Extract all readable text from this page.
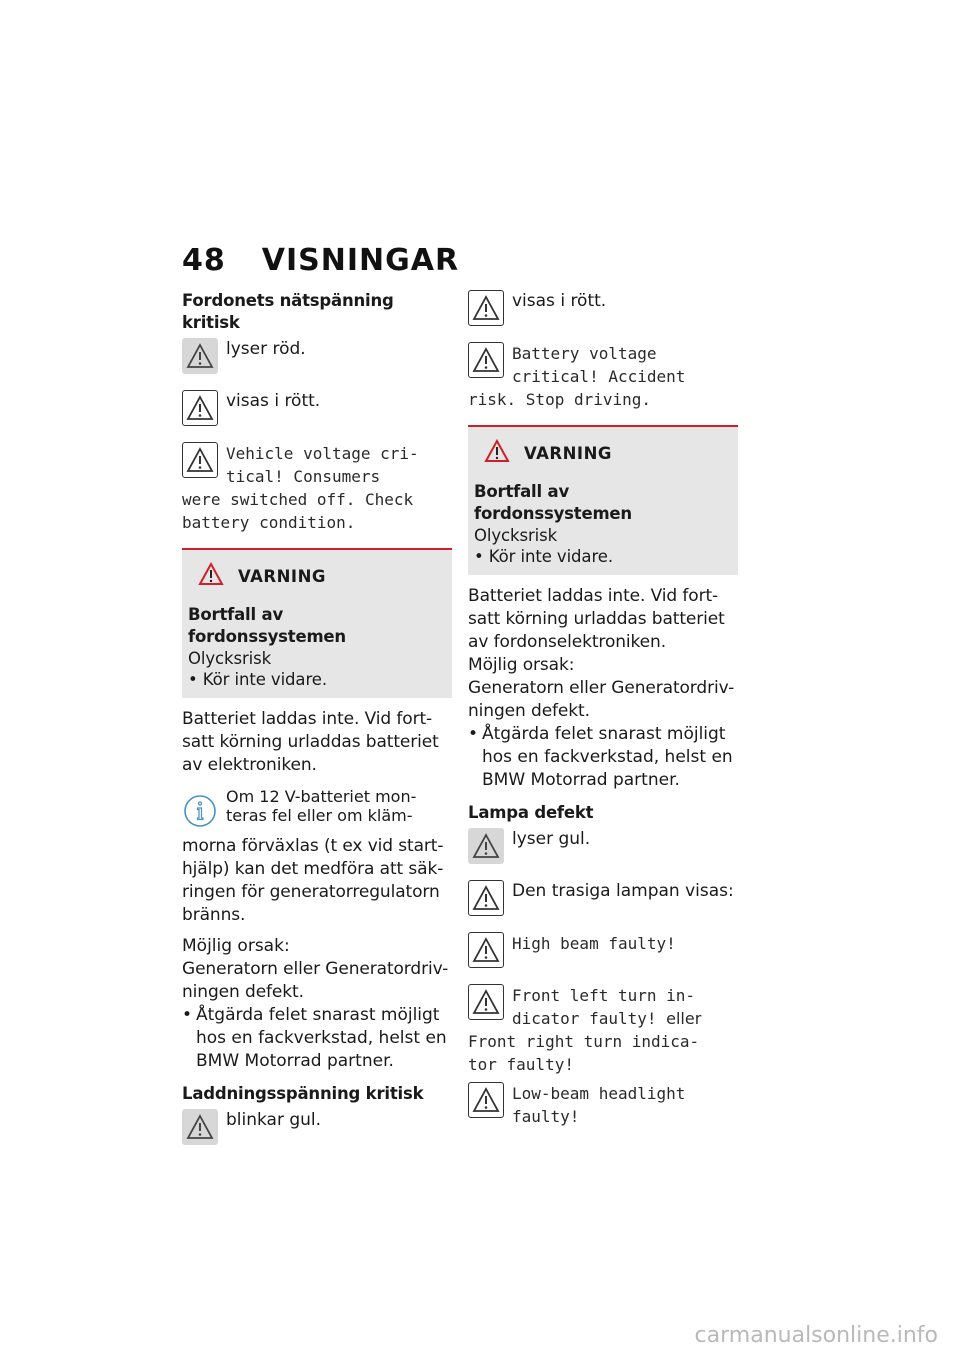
48 VISNINGAR
Fordonets nätspänning kritisk
lyser röd.
visas i rött.
Vehicle voltage cri-
tical! Consumers
were switched off. Check
battery condition.
VARNING
Bortfall av fordonssystemen
Olycksrisk
• Kör inte vidare.

Batteriet laddas inte. Vid fort-satt körning urladdas batteriet av elektroniken.

Om 12 V-batteriet mon-
teras fel eller om kläm-

morna förväxlas (t ex vid start-hjälp) kan det medföra att säk-ringen för generatorregulatorn bränns.

Möjlig orsak:

Generatorn eller Generatordriv-ningen defekt.

• Åtgärda felet snarast möjligt hos en fackverkstad, helst en BMW Motorrad partner.
Laddningsspänning kritisk
blinkar gul.
visas i rött.
Battery voltage
critical! Accident
risk. Stop driving.
VARNING
Bortfall av fordonssystemen
Olycksrisk
• Kör inte vidare.

Batteriet laddas inte. Vid fort-satt körning urladdas batteriet av fordonselektroniken.

Möjlig orsak:

Generatorn eller Generatordriv-ningen defekt.

• Åtgärda felet snarast möjligt hos en fackverkstad, helst en BMW Motorrad partner.
Lampa defekt
lyser gul.
Den trasiga lampan visas:
High beam faulty!
Front left turn in-
dicator faulty! eller
Front right turn indica-
tor faulty!
Low-beam headlight
faulty!
carmanualsonline.info
